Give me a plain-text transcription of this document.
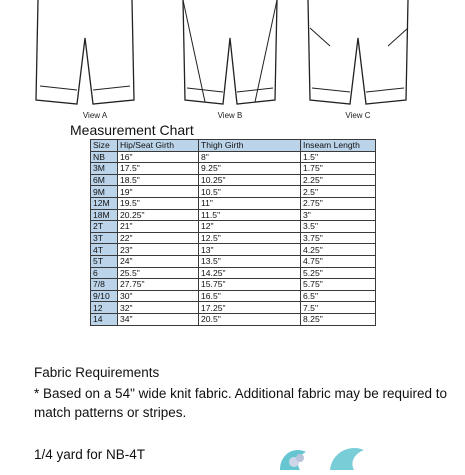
View A	View B	View C
Measurement Chart
Size	Hip/Seat Girth	Thigh Girth	Inseam Length
NB	16"	8"	1.5"
3M	17.5"	9.25"	1.75"
6M	18.5"	10.25"	2.25"
9M	19"	10.5"	2.5"
12M	19.5"	11"	2.75"
18M	20.25"	11.5"	3"
2T	21"	12"	3.5"
3T	22"	12.5"	3.75"
4T	23"	13"	4.25"
5T	24"	13.5"	4.75"
6	25.5"	14.25"	5.25"
7/8	27.75"	15.75"	5.75"
9/10	30"	16.5"	6.5"
12	32"	17.25"	7.5"
14	34"	20.5"	8.25"
Fabric Requirements
* Based on a 54" wide knit fabric. Additional fabric may be required to match patterns or stripes.
1/4 yard for NB-4T
